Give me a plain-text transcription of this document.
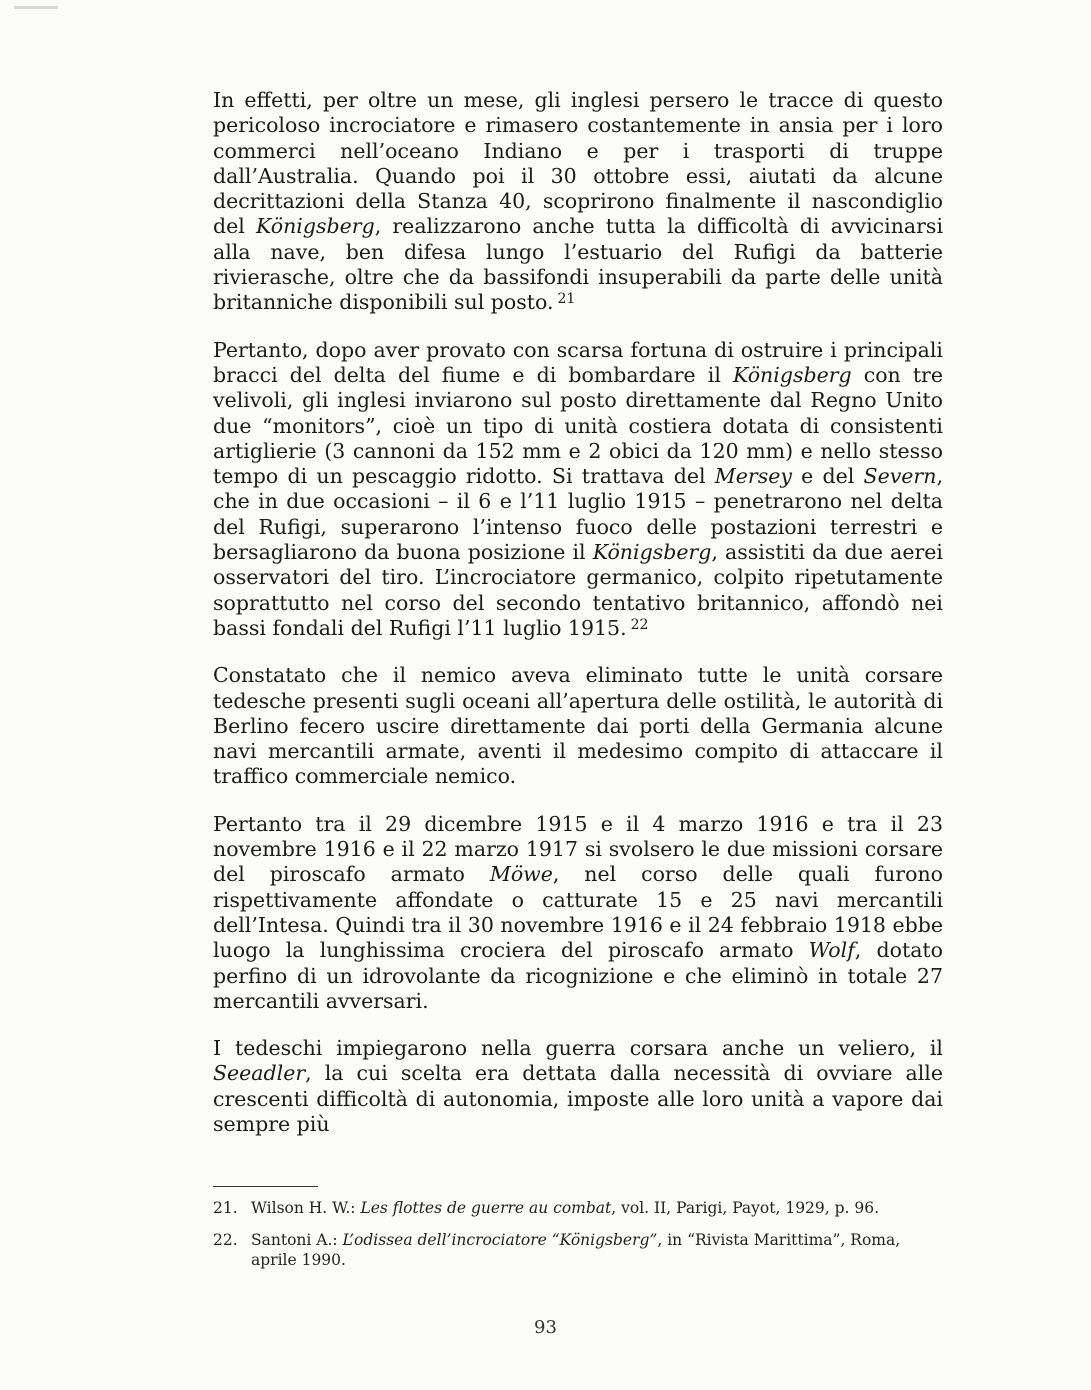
In effetti, per oltre un mese, gli inglesi persero le tracce di questo pericoloso incrociatore e rimasero costantemente in ansia per i loro commerci nell’oceano Indiano e per i trasporti di truppe dall’Australia. Quando poi il 30 ottobre essi, aiutati da alcune decrittazioni della Stanza 40, scoprirono finalmente il nascondiglio del Königsberg, realizzarono anche tutta la difficoltà di avvicinarsi alla nave, ben difesa lungo l’estuario del Rufigi da batterie rivierasche, oltre che da bassifondi insuperabili da parte delle unità britanniche disponibili sul posto. $^{21}$

Pertanto, dopo aver provato con scarsa fortuna di ostruire i principali bracci del delta del fiume e di bombardare il Königsberg con tre velivoli, gli inglesi inviarono sul posto direttamente dal Regno Unito due “monitors”, cioè un tipo di unità costiera dotata di consistenti artiglierie (3 cannoni da 152 mm e 2 obici da 120 mm) e nello stesso tempo di un pescaggio ridotto. Si trattava del Mersey e del Severn, che in due occasioni – il 6 e l’11 luglio 1915 – penetrarono nel delta del Rufigi, superarono l’intenso fuoco delle postazioni terrestri e bersagliarono da buona posizione il Königsberg, assistiti da due aerei osservatori del tiro. L’incrociatore germanico, colpito ripetutamente soprattutto nel corso del secondo tentativo britannico, affondò nei bassi fondali del Rufigi l’11 luglio 1915. $^{22}$

Constatato che il nemico aveva eliminato tutte le unità corsare tedesche presenti sugli oceani all’apertura delle ostilità, le autorità di Berlino fecero uscire direttamente dai porti della Germania alcune navi mercantili armate, aventi il medesimo compito di attaccare il traffico commerciale nemico.

Pertanto tra il 29 dicembre 1915 e il 4 marzo 1916 e tra il 23 novembre 1916 e il 22 marzo 1917 si svolsero le due missioni corsare del piroscafo armato Möwe, nel corso delle quali furono rispettivamente affondate o catturate 15 e 25 navi mercantili dell’Intesa. Quindi tra il 30 novembre 1916 e il 24 febbraio 1918 ebbe luogo la lunghissima crociera del piroscafo armato Wolf, dotato perfino di un idrovolante da ricognizione e che eliminò in totale 27 mercantili avversari.

I tedeschi impiegarono nella guerra corsara anche un veliero, il Seeadler, la cui scelta era dettata dalla necessità di ovviare alle crescenti difficoltà di autonomia, imposte alle loro unità a vapore dai sempre più

21. Wilson H. W.: Les flottes de guerre au combat, vol. II, Parigi, Payot, 1929, p. 96.
22. Santoni A.: L’odissea dell’incrociatore “Königsberg”, in “Rivista Marittima”, Roma, aprile 1990.
93
